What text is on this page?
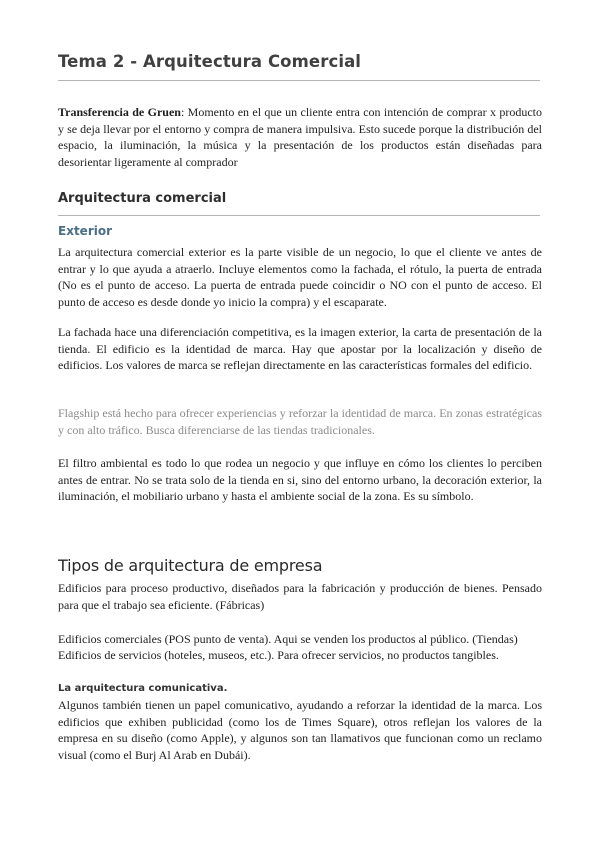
Tema 2 - Arquitectura Comercial

Transferencia de Gruen: Momento en el que un cliente entra con intención de comprar x producto y se deja llevar por el entorno y compra de manera impulsiva. Esto sucede porque la distribución del espacio, la iluminación, la música y la presentación de los productos están diseñadas para desorientar ligeramente al comprador

Arquitectura comercial
Exterior

La arquitectura comercial exterior es la parte visible de un negocio, lo que el cliente ve antes de entrar y lo que ayuda a atraerlo. Incluye elementos como la fachada, el rótulo, la puerta de entrada (No es el punto de acceso. La puerta de entrada puede coincidir o NO con el punto de acceso. El punto de acceso es desde donde yo inicio la compra) y el escaparate.

La fachada hace una diferenciación competitiva, es la imagen exterior, la carta de presentación de la tienda. El edificio es la identidad de marca. Hay que apostar por la localización y diseño de edificios. Los valores de marca se reflejan directamente en las características formales del edificio.

Flagship está hecho para ofrecer experiencias y reforzar la identidad de marca. En zonas estratégicas y con alto tráfico. Busca diferenciarse de las tiendas tradicionales.

El filtro ambiental es todo lo que rodea un negocio y que influye en cómo los clientes lo perciben antes de entrar. No se trata solo de la tienda en si, sino del entorno urbano, la decoración exterior, la iluminación, el mobiliario urbano y hasta el ambiente social de la zona. Es su símbolo.

Tipos de arquitectura de empresa

Edificios para proceso productivo, diseñados para la fabricación y producción de bienes. Pensado para que el trabajo sea eficiente. (Fábricas)

Edificios comerciales (POS punto de venta). Aqui se venden los productos al público. (Tiendas)

Edificios de servicios (hoteles, museos, etc.). Para ofrecer servicios, no productos tangibles.

La arquitectura comunicativa.

Algunos también tienen un papel comunicativo, ayudando a reforzar la identidad de la marca. Los edificios que exhiben publicidad (como los de Times Square), otros reflejan los valores de la empresa en su diseño (como Apple), y algunos son tan llamativos que funcionan como un reclamo visual (como el Burj Al Arab en Dubái).
